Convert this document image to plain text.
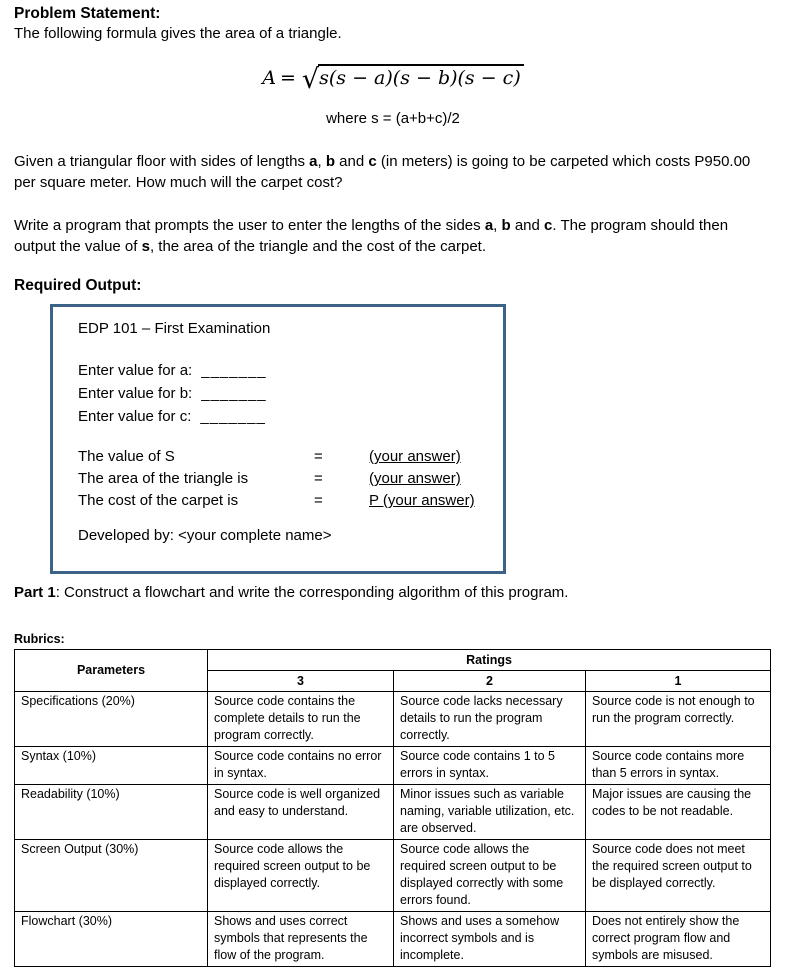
Problem Statement:
The following formula gives the area of a triangle.
A = √s(s − a)(s − b)(s − c)
where s = (a+b+c)/2
Given a triangular floor with sides of lengths a, b and c (in meters) is going to be carpeted which costs P950.00 per square meter. How much will the carpet cost?
Write a program that prompts the user to enter the lengths of the sides a, b and c. The program should then output the value of s, the area of the triangle and the cost of the carpet.
Required Output:
EDP 101 – First Examination
Enter value for a: _______
Enter value for b: _______
Enter value for c: _______
The value of S	=	(your answer)
The area of the triangle is	=	(your answer)
The cost of the carpet is	=	P (your answer)
Developed by: <your complete name>
Part 1: Construct a flowchart and write the corresponding algorithm of this program.
Rubrics:
Parameters	Ratings		
	3	2	1
Specifications (20%)	Source code contains the complete details to run the program correctly.	Source code lacks necessary details to run the program correctly.	Source code is not enough to run the program correctly.
Syntax (10%)	Source code contains no error in syntax.	Source code contains 1 to 5 errors in syntax.	Source code contains more than 5 errors in syntax.
Readability (10%)	Source code is well organized and easy to understand.	Minor issues such as variable naming, variable utilization, etc. are observed.	Major issues are causing the codes to be not readable.
Screen Output (30%)	Source code allows the required screen output to be displayed correctly.	Source code allows the required screen output to be displayed correctly with some errors found.	Source code does not meet the required screen output to be displayed correctly.
Flowchart (30%)	Shows and uses correct symbols that represents the flow of the program.	Shows and uses a somehow incorrect symbols and is incomplete.	Does not entirely show the correct program flow and symbols are misused.
